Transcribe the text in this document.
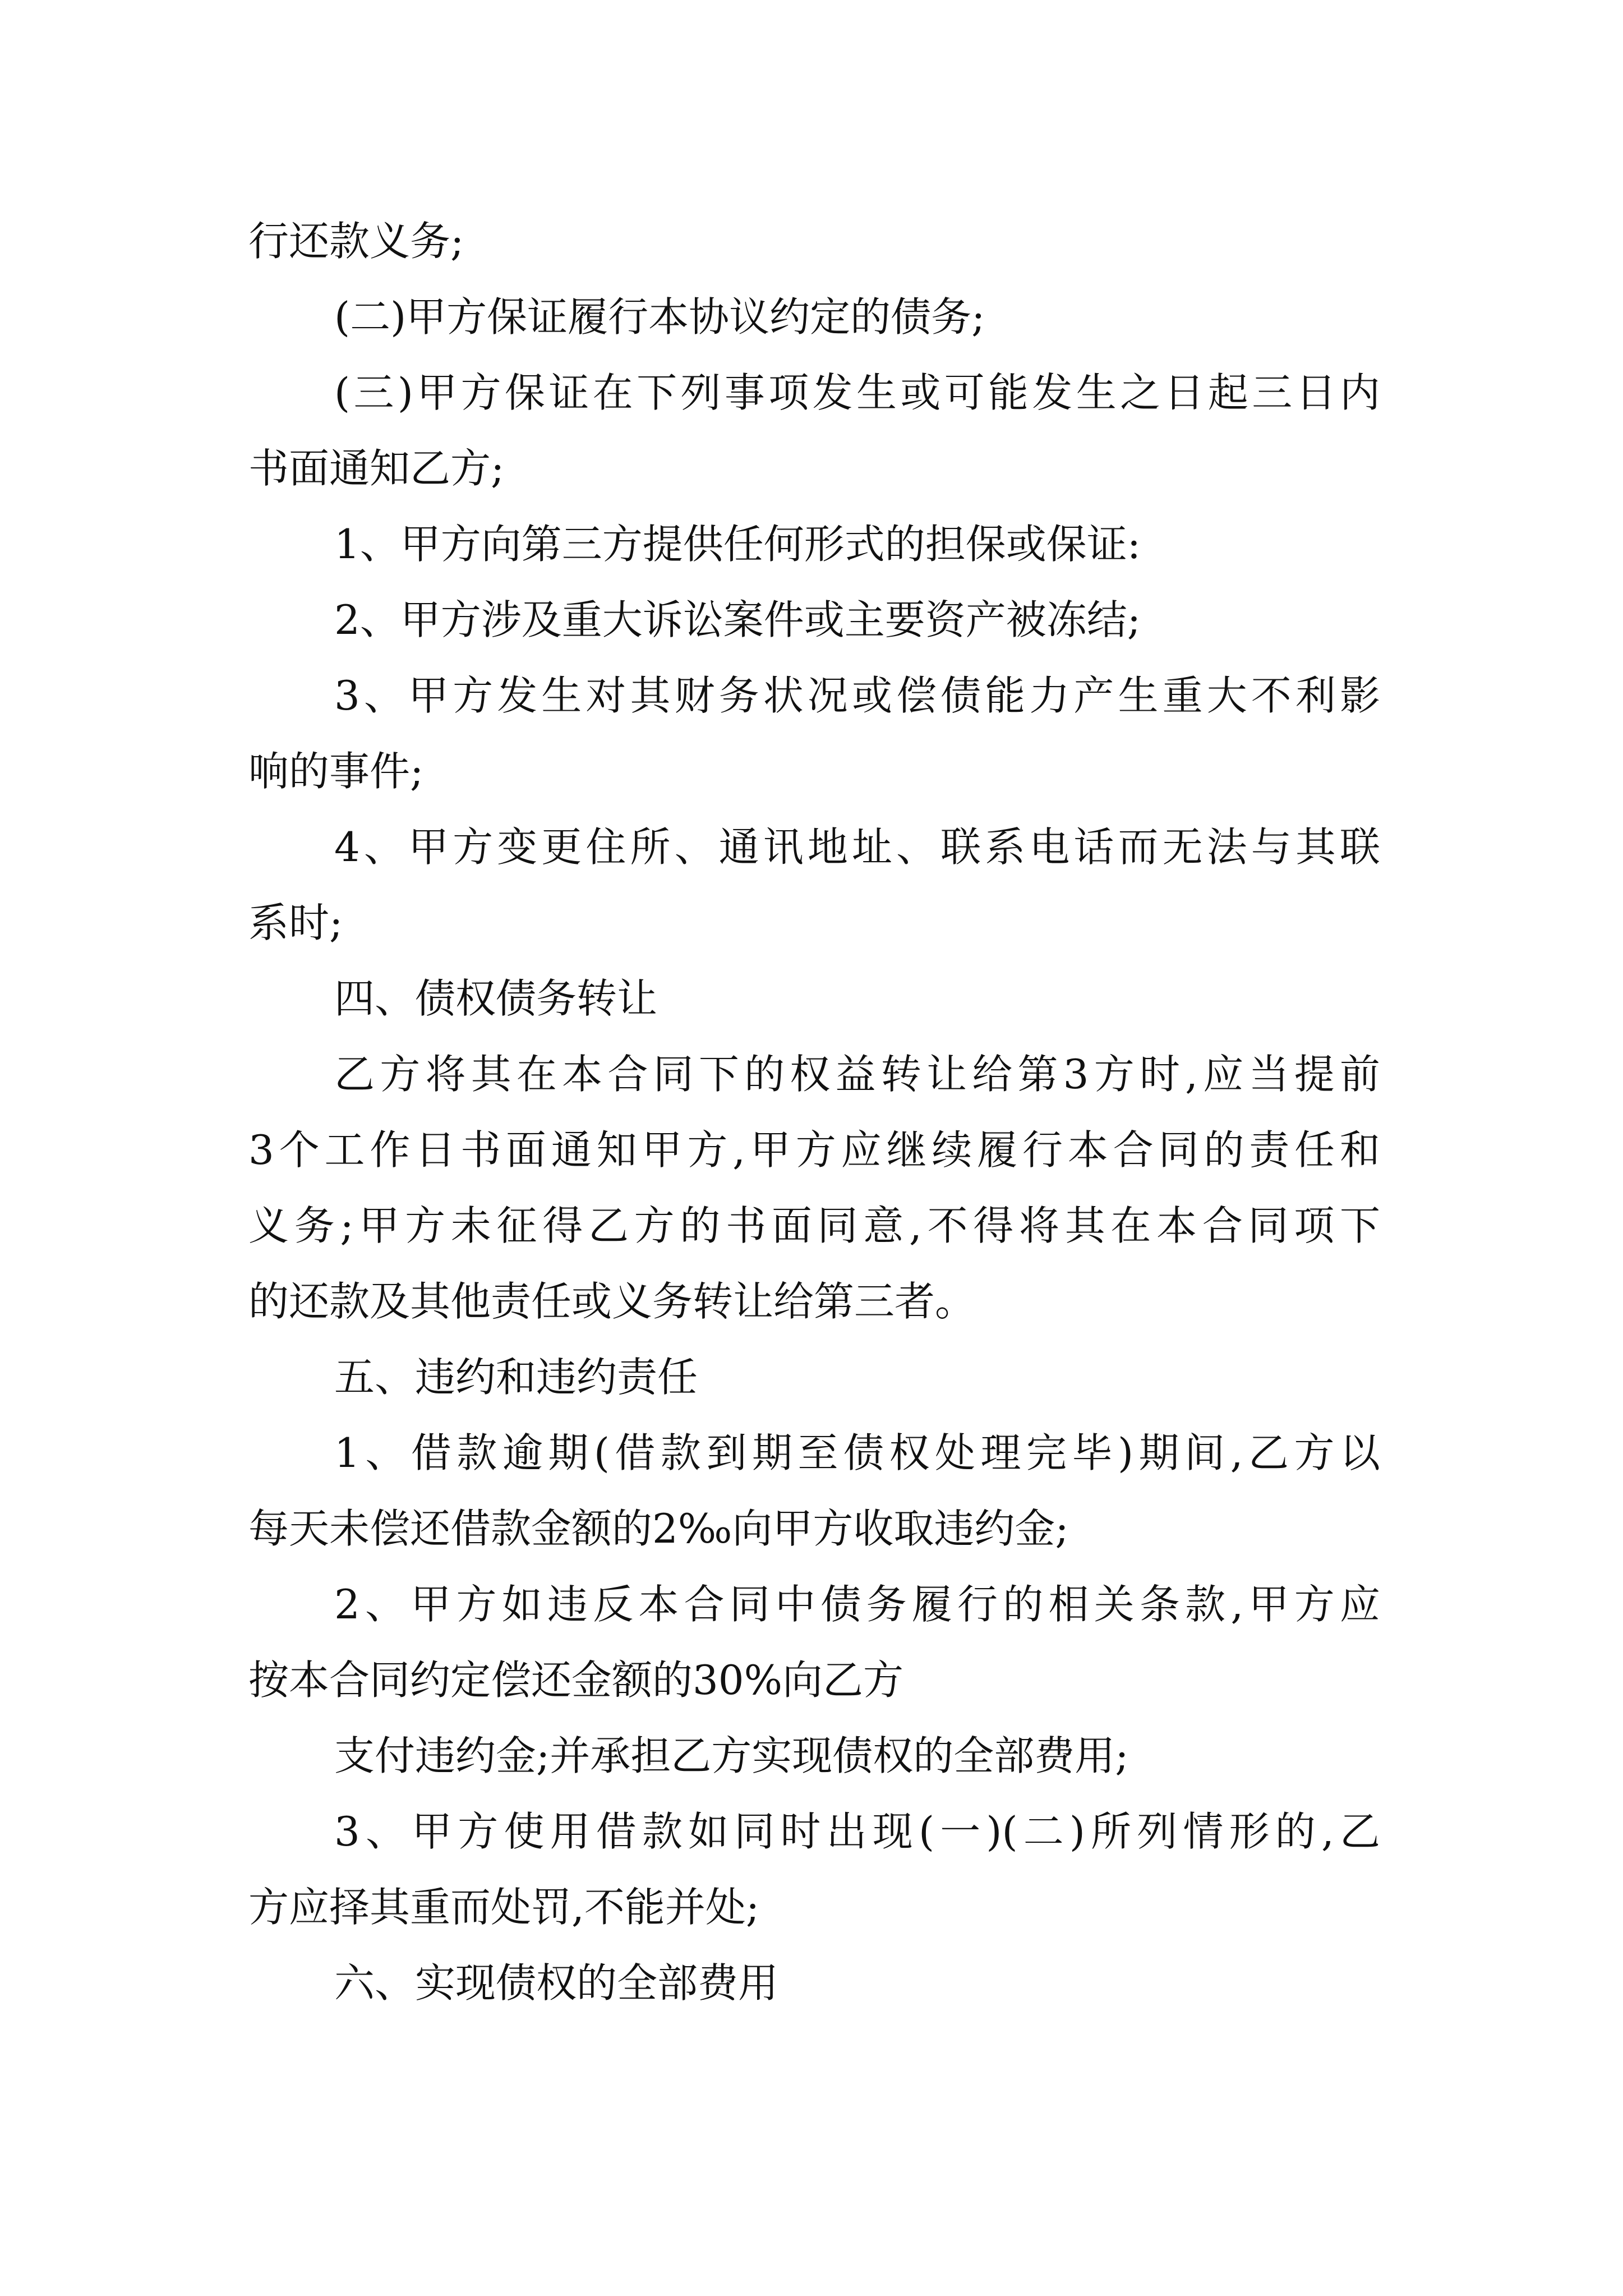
行还款义务;

(二)甲方保证履行本协议约定的债务;

(三)甲方保证在下列事项发生或可能发生之日起三日内

书面通知乙方;

1、甲方向第三方提供任何形式的担保或保证:

2、甲方涉及重大诉讼案件或主要资产被冻结;

3、甲方发生对其财务状况或偿债能力产生重大不利影

响的事件;

4、甲方变更住所、通讯地址、联系电话而无法与其联

系时;

四、债权债务转让

乙方将其在本合同下的权益转让给第3方时,应当提前

3个工作日书面通知甲方,甲方应继续履行本合同的责任和

义务;甲方未征得乙方的书面同意,不得将其在本合同项下

的还款及其他责任或义务转让给第三者。

五、违约和违约责任

1、借款逾期(借款到期至债权处理完毕)期间,乙方以

每天未偿还借款金额的2‰向甲方收取违约金;

2、甲方如违反本合同中债务履行的相关条款,甲方应

按本合同约定偿还金额的30%向乙方

支付违约金;并承担乙方实现债权的全部费用;

3、甲方使用借款如同时出现(一)(二)所列情形的,乙

方应择其重而处罚,不能并处;

六、实现债权的全部费用
